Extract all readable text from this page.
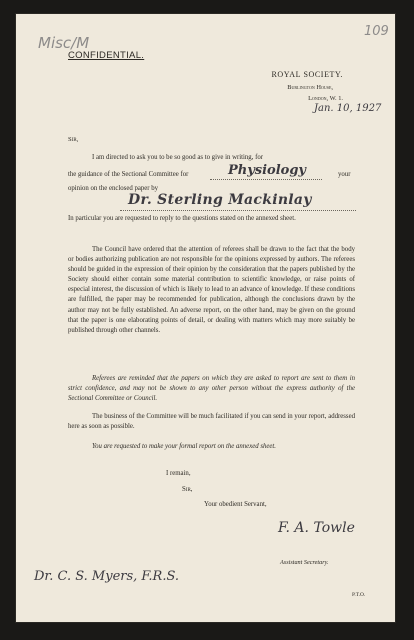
Misc/M
109
CONFIDENTIAL.
ROYAL SOCIETY.
Burlington House,
London, W. 1.
Jan. 10, 1927
Sir,
I am directed to ask you to be so good as to give in writing, for
the guidance of the Sectional Committee for	Physiology	your
opinion on the enclosed paper by
Dr. Sterling Mackinlay
In particular you are requested to reply to the questions stated on the annexed sheet.
The Council have ordered that the attention of referees shall be drawn to the fact that the body or bodies authorizing publication are not responsible for the opinions expressed by authors. The referees should be guided in the expression of their opinion by the consideration that the papers published by the Society should either contain some material contribution to scientific knowledge, or raise points of especial interest, the discussion of which is likely to lead to an advance of knowledge. If these conditions are fulfilled, the paper may be recommended for publication, although the conclusions drawn by the author may not be fully established. An adverse report, on the other hand, may be given on the ground that the paper is one elaborating points of detail, or dealing with matters which may more suitably be published through other channels.
Referees are reminded that the papers on which they are asked to report are sent to them in strict confidence, and may not be shown to any other person without the express authority of the Sectional Committee or Council.
The business of the Committee will be much facilitated if you can send in your report, addressed here as soon as possible.
You are requested to make your formal report on the annexed sheet.
I remain,
Sir,
Your obedient Servant,
F. A. Towle
Assistant Secretary.
Dr. C. S. Myers, F.R.S.
P.T.O.
